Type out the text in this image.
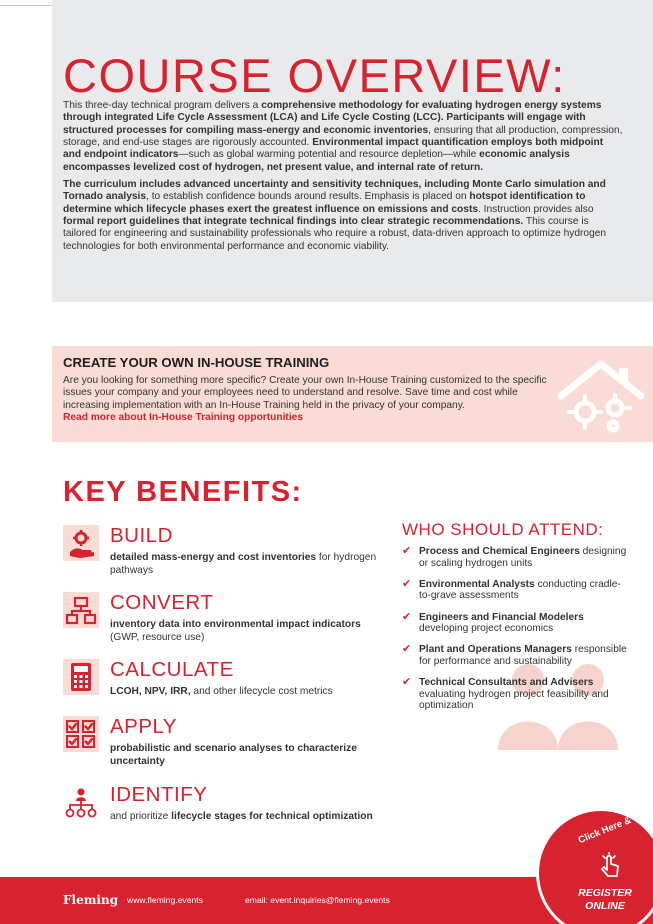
COURSE OVERVIEW:

This three-day technical program delivers a comprehensive methodology for evaluating hydrogen energy systems through integrated Life Cycle Assessment (LCA) and Life Cycle Costing (LCC). Participants will engage with structured processes for compiling mass-energy and economic inventories, ensuring that all production, compression, storage, and end-use stages are rigorously accounted. Environmental impact quantification employs both midpoint and endpoint indicators—such as global warming potential and resource depletion—while economic analysis encompasses levelized cost of hydrogen, net present value, and internal rate of return.

The curriculum includes advanced uncertainty and sensitivity techniques, including Monte Carlo simulation and Tornado analysis, to establish confidence bounds around results. Emphasis is placed on hotspot identification to determine which lifecycle phases exert the greatest influence on emissions and costs. Instruction provides also formal report guidelines that integrate technical findings into clear strategic recommendations. This course is tailored for engineering and sustainability professionals who require a robust, data-driven approach to optimize hydrogen technologies for both environmental performance and economic viability.

CREATE YOUR OWN IN-HOUSE TRAINING
Are you looking for something more specific? Create your own In-House Training customized to the specific issues your company and your employees need to understand and resolve. Save time and cost while increasing implementation with an In-House Training held in the privacy of your company.
Read more about In-House Training opportunities
KEY BENEFITS:
BUILD
detailed mass-energy and cost inventories for hydrogen pathways
CONVERT
inventory data into environmental impact indicators (GWP, resource use)
CALCULATE
LCOH, NPV, IRR, and other lifecycle cost metrics
APPLY
probabilistic and scenario analyses to characterize uncertainty
IDENTIFY
and prioritize lifecycle stages for technical optimization
WHO SHOULD ATTEND:
✔ Process and Chemical Engineers designing or scaling hydrogen units
✔ Environmental Analysts conducting cradle-to-grave assessments
✔ Engineers and Financial Modelers developing project economics
✔ Plant and Operations Managers responsible for performance and sustainability
✔ Technical Consultants and Advisers evaluating hydrogen project feasibility and optimization
Fleming www.fleming.events	email: event.inquiries@fleming.events
Click Here &
REGISTER
ONLINE
